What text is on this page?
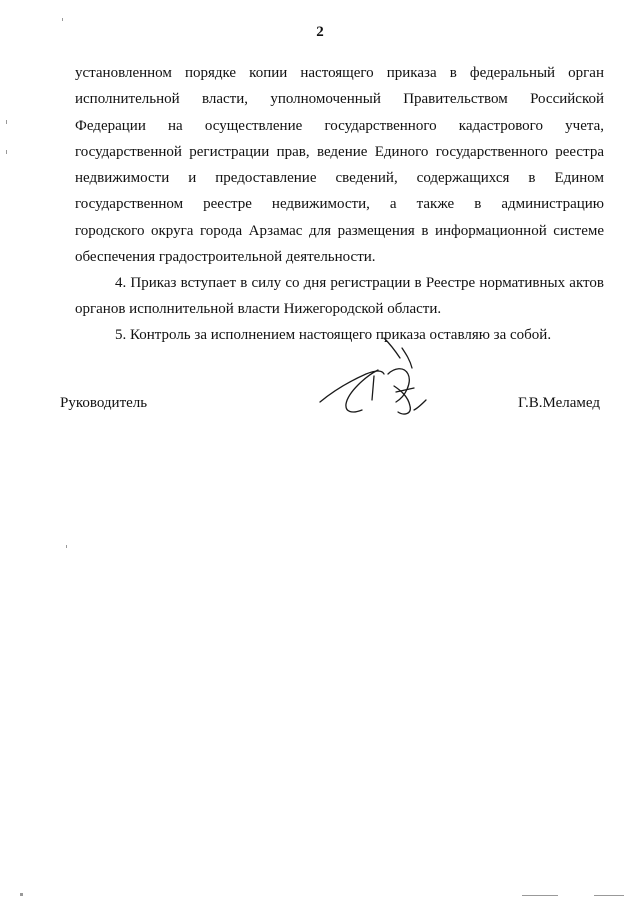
2
установленном порядке копии настоящего приказа в федеральный орган
исполнительной власти, уполномоченный Правительством Российской
Федерации на осуществление государственного кадастрового учета,
государственной регистрации прав, ведение Единого государственного реестра
недвижимости и предоставление сведений, содержащихся в Едином
государственном реестре недвижимости, а также в администрацию
городского округа города Арзамас для размещения в информационной системе
обеспечения градостроительной деятельности.
4. Приказ вступает в силу со дня регистрации в Реестре нормативных актов
органов исполнительной власти Нижегородской области.
5. Контроль за исполнением настоящего приказа оставляю за собой.
Руководитель	Г.В.Меламед
